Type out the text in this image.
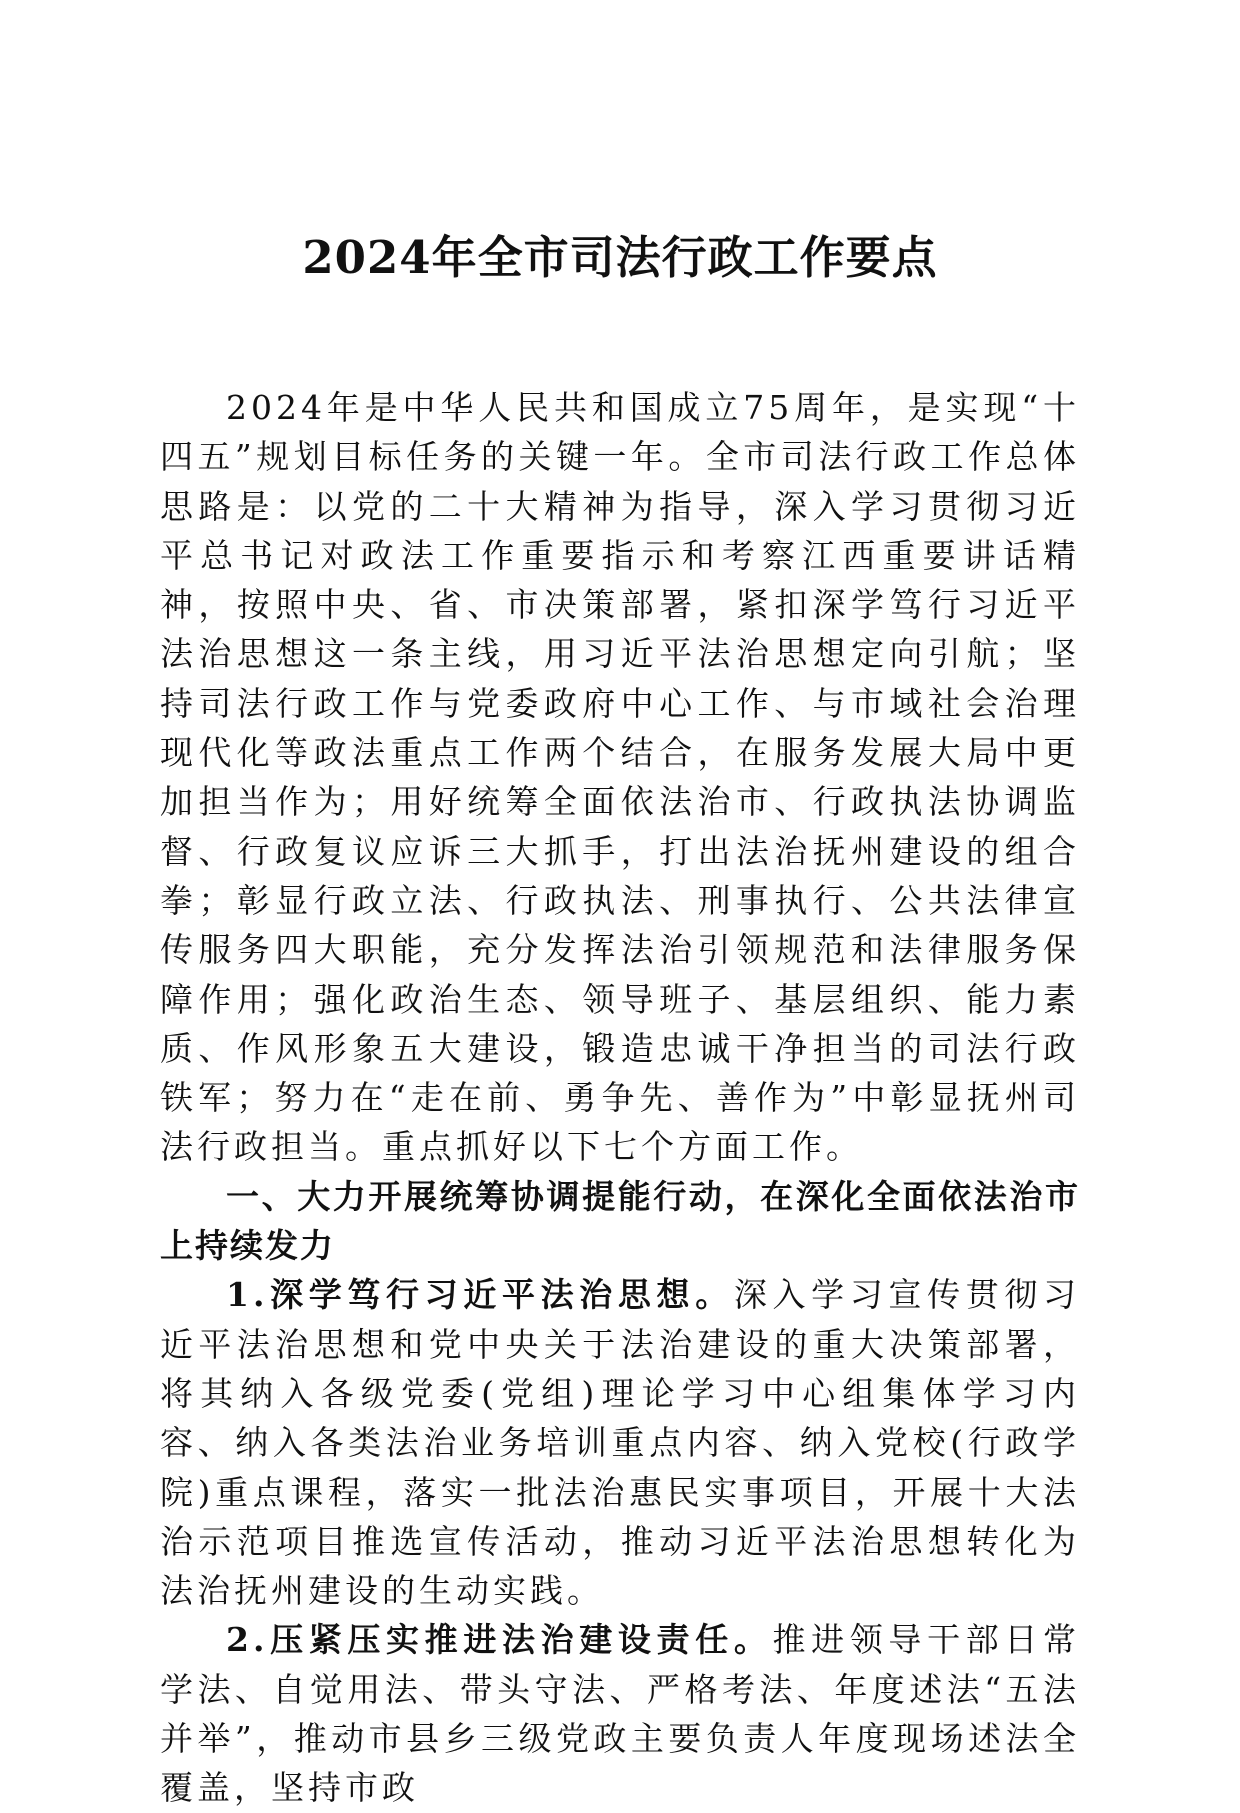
2024年全市司法行政工作要点

2024年是中华人民共和国成立75周年，是实现“十四五”规划目标任务的关键一年。全市司法行政工作总体思路是：以党的二十大精神为指导，深入学习贯彻习近平总书记对政法工作重要指示和考察江西重要讲话精神，按照中央、省、市决策部署，紧扣深学笃行习近平法治思想这一条主线，用习近平法治思想定向引航；坚持司法行政工作与党委政府中心工作、与市域社会治理现代化等政法重点工作两个结合，在服务发展大局中更加担当作为；用好统筹全面依法治市、行政执法协调监督、行政复议应诉三大抓手，打出法治抚州建设的组合拳；彰显行政立法、行政执法、刑事执行、公共法律宣传服务四大职能，充分发挥法治引领规范和法律服务保障作用；强化政治生态、领导班子、基层组织、能力素质、作风形象五大建设，锻造忠诚干净担当的司法行政铁军；努力在“走在前、勇争先、善作为”中彰显抚州司法行政担当。重点抓好以下七个方面工作。

一、大力开展统筹协调提能行动，在深化全面依法治市上持续发力

1.深学笃行习近平法治思想。深入学习宣传贯彻习近平法治思想和党中央关于法治建设的重大决策部署，将其纳入各级党委(党组)理论学习中心组集体学习内容、纳入各类法治业务培训重点内容、纳入党校(行政学院)重点课程，落实一批法治惠民实事项目，开展十大法治示范项目推选宣传活动，推动习近平法治思想转化为法治抚州建设的生动实践。

2.压紧压实推进法治建设责任。推进领导干部日常学法、自觉用法、带头守法、严格考法、年度述法“五法并举”，推动市县乡三级党政主要负责人年度现场述法全覆盖，坚持市政
